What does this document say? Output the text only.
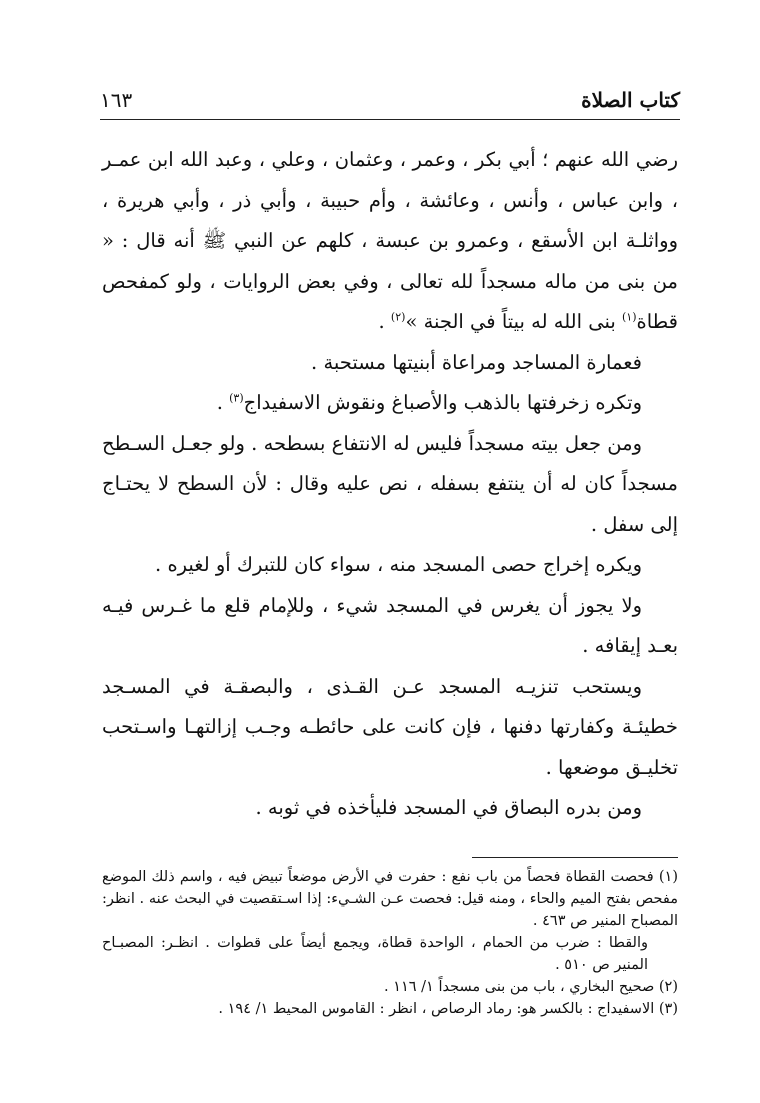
كتاب الصلاة
١٦٣

رضي الله عنهم ؛ أبي بكر ، وعمر ، وعثمان ، وعلي ، وعبد الله ابن عمـر ، وابن عباس ، وأنس ، وعائشة ، وأم حبيبة ، وأبي ذر ، وأبي هريرة ، وواثلـة ابن الأسقع ، وعمرو بن عبسة ، كلهم عن النبي ﷺ أنه قال : « من بنى من ماله مسجداً لله تعالى ، وفي بعض الروايات ، ولو كمفحص قطاة$^{(١)}$ بنى الله له بيتاً في الجنة »$^{(٢)}$ .

فعمارة المساجد ومراعاة أبنيتها مستحبة .

وتكره زخرفتها بالذهب والأصباغ ونقوش الاسفيداج$^{(٣)}$ .

ومن جعل بيته مسجداً فليس له الانتفاع بسطحه . ولو جعـل السـطح مسجداً كان له أن ينتفع بسفله ، نص عليه وقال : لأن السطح لا يحتـاج إلى سفل .

ويكره إخراج حصى المسجد منه ، سواء كان للتبرك أو لغيره .

ولا يجوز أن يغرس في المسجد شيء ، وللإمام قلع ما غـرس فيـه بعـد إيقافه .

ويستحب تنزيـه المسجد عـن القـذى ، والبصقـة في المسـجد خطيئـة وكفارتها دفنها ، فإن كانت على حائطـه وجـب إزالتهـا واسـتحب تخليـق موضعها .

ومن بدره البصاق في المسجد فليأخذه في ثوبه .

(١) فحصت القطاة فحصاً من باب نفع : حفرت في الأرض موضعاً تبيض فيه ، واسم ذلك الموضع مفحص بفتح الميم والحاء ، ومنه قيل: فحصت عـن الشـيء: إذا اسـتقصيت في البحث عنه . انظر: المصباح المنير ص ٤٦٣ .

والقطا : ضرب من الحمام ، الواحدة قطاة، ويجمع أيضاً على قطوات . انظـر: المصبـاح المنير ص ٥١٠ .

(٢) صحيح البخاري ، باب من بنى مسجداً ١/ ١١٦ .

(٣) الاسفيداج : بالكسر هو: رماد الرصاص ، انظر : القاموس المحيط ١/ ١٩٤ .
